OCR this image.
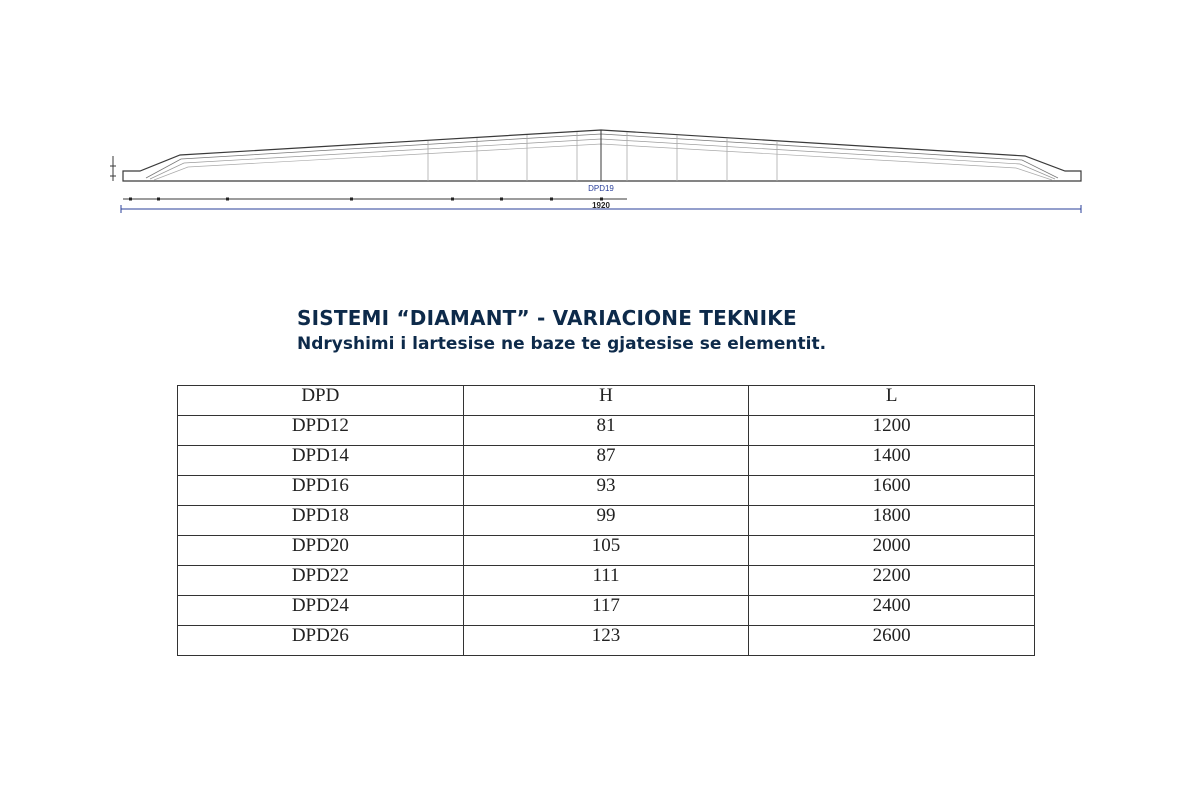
DPD19
1920
SISTEMI “DIAMANT” - VARIACIONE TEKNIKE
Ndryshimi i lartesise ne baze te gjatesise se elementit.
DPD	H	L
DPD12	81	1200
DPD14	87	1400
DPD16	93	1600
DPD18	99	1800
DPD20	105	2000
DPD22	111	2200
DPD24	117	2400
DPD26	123	2600
